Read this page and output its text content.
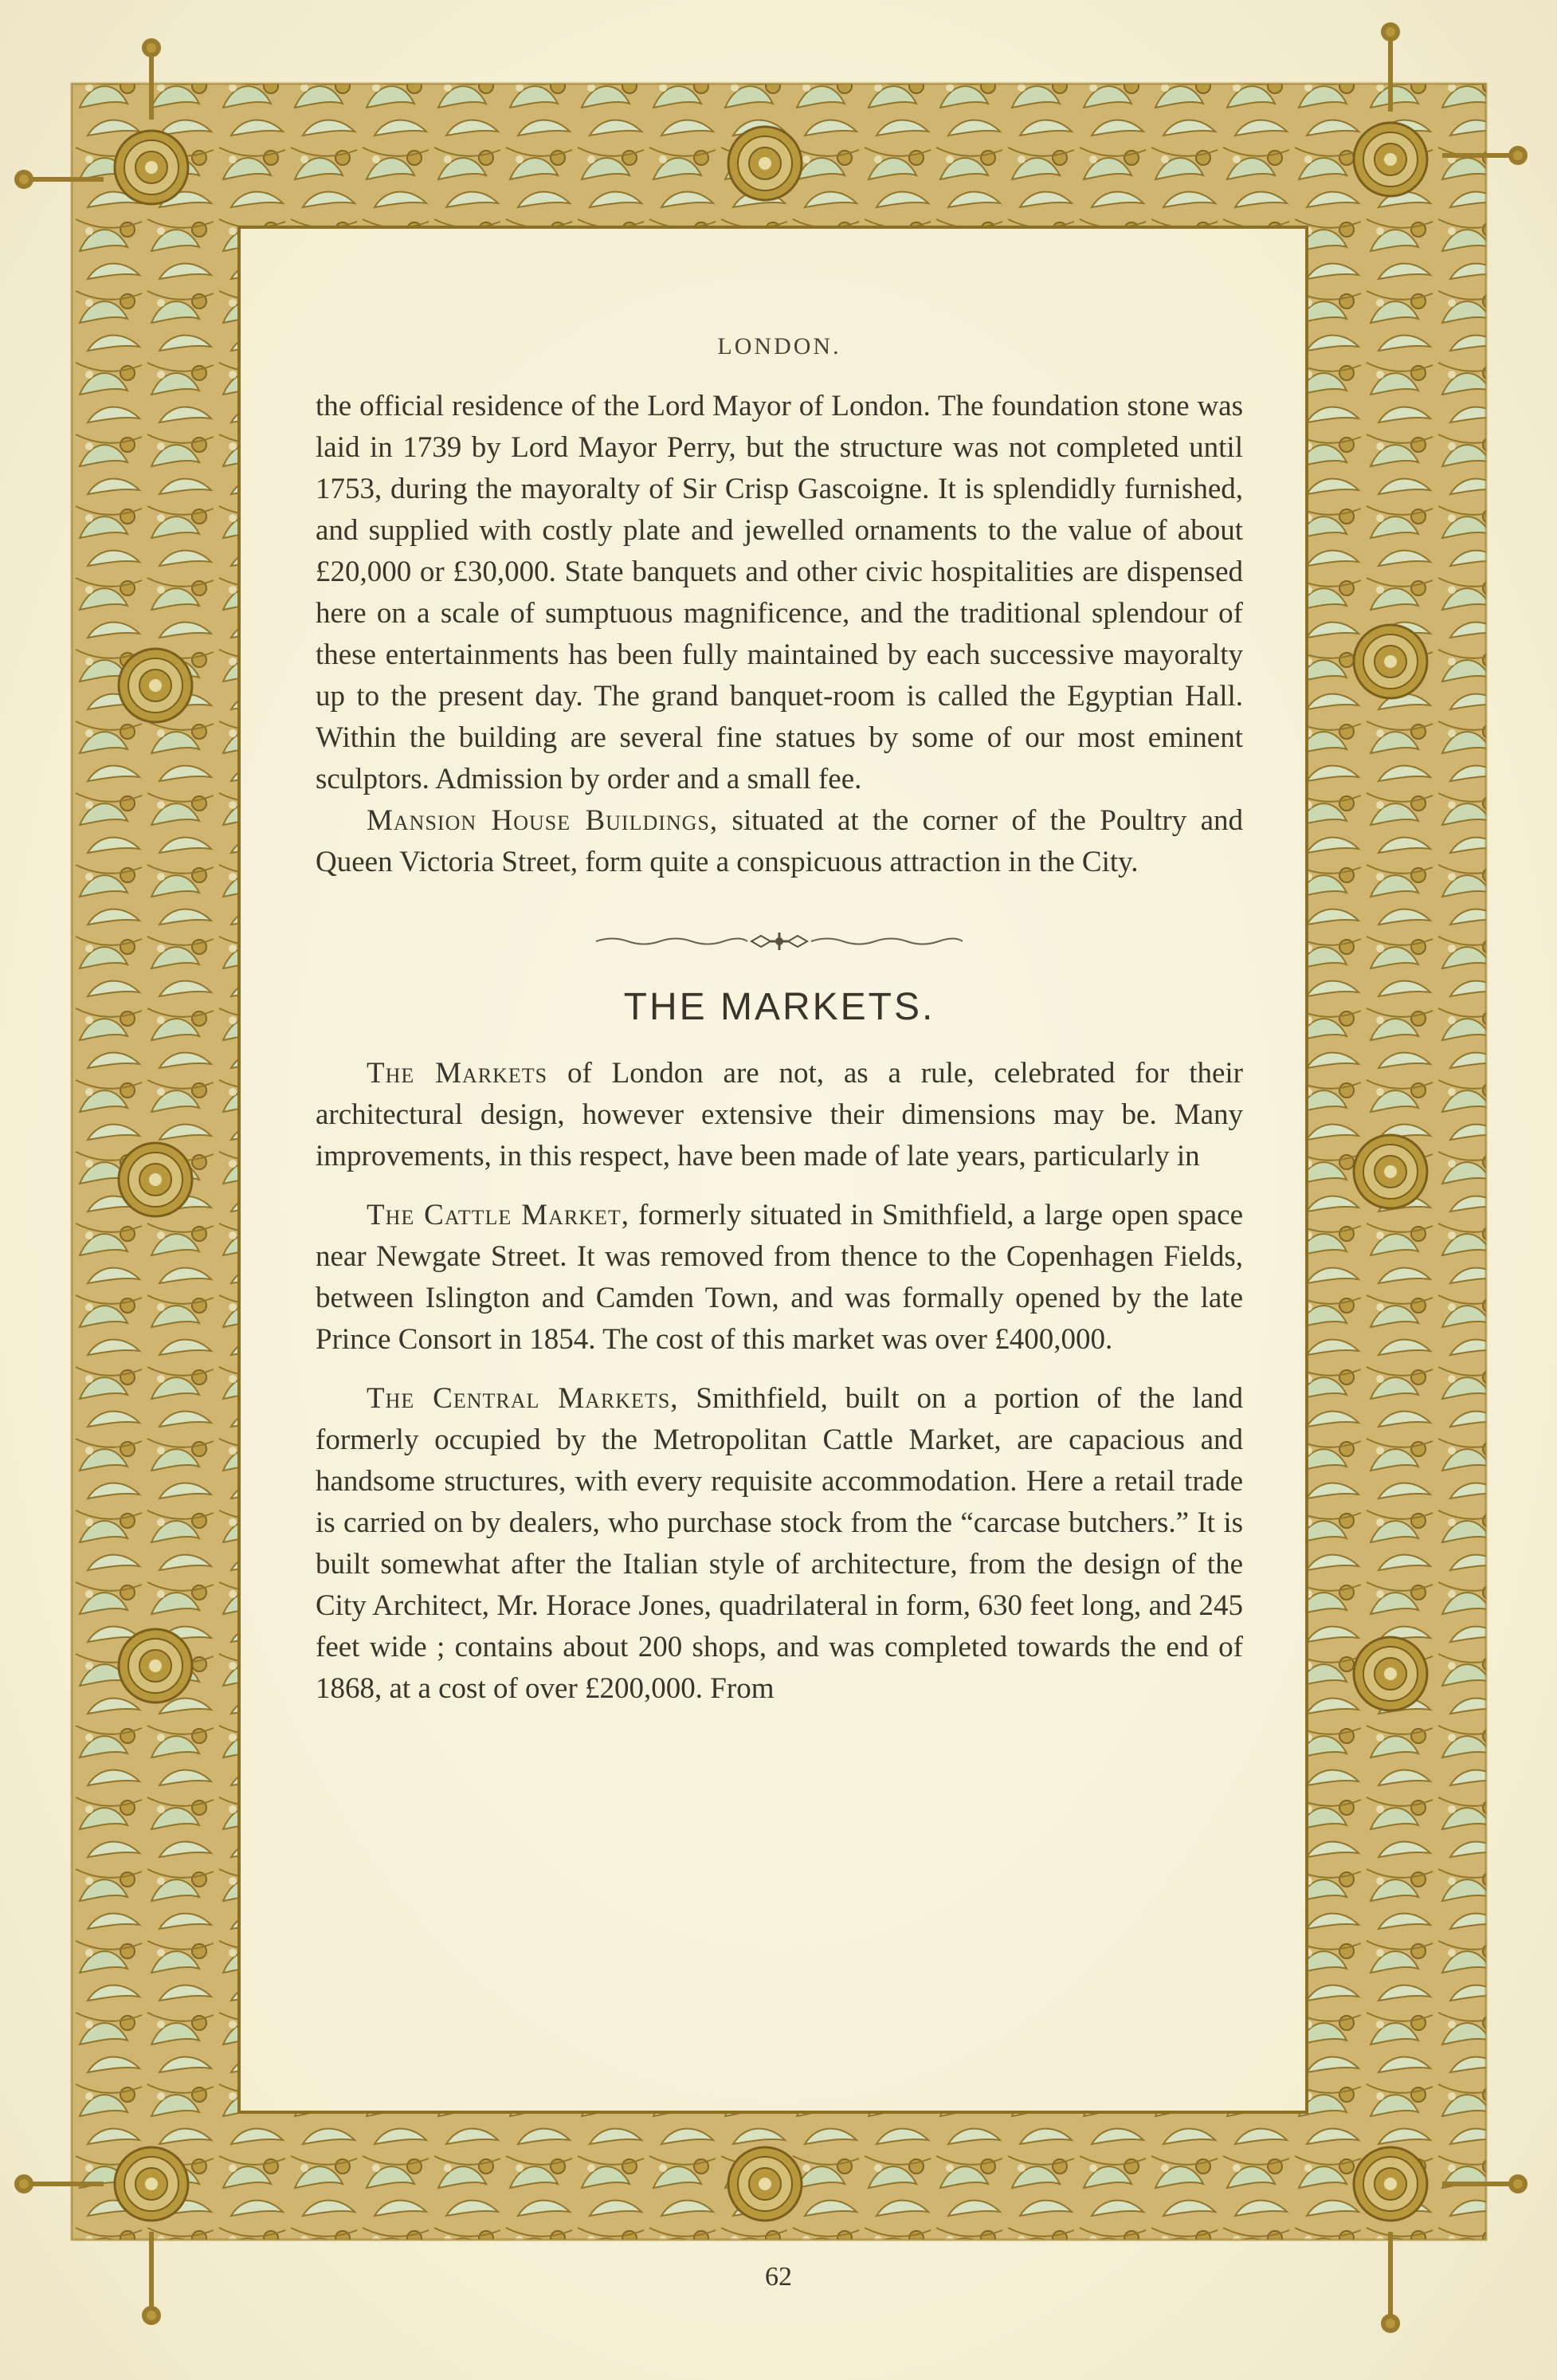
LONDON.

the official residence of the Lord Mayor of London. The foundation stone was laid in 1739 by Lord Mayor Perry, but the structure was not completed until 1753, during the mayoralty of Sir Crisp Gascoigne. It is splendidly furnished, and supplied with costly plate and jewelled ornaments to the value of about £20,000 or £30,000. State banquets and other civic hospitalities are dispensed here on a scale of sumptuous magnificence, and the traditional splendour of these entertainments has been fully maintained by each successive mayoralty up to the present day. The grand banquet-room is called the Egyptian Hall. Within the building are several fine statues by some of our most eminent sculptors. Admission by order and a small fee.

Mansion House Buildings, situated at the corner of the Poultry and Queen Victoria Street, form quite a conspicuous attraction in the City.

THE MARKETS.

The Markets of London are not, as a rule, celebrated for their architectural design, however extensive their dimensions may be. Many improvements, in this respect, have been made of late years, particularly in

The Cattle Market, formerly situated in Smithfield, a large open space near Newgate Street. It was removed from thence to the Copenhagen Fields, between Islington and Camden Town, and was formally opened by the late Prince Consort in 1854. The cost of this market was over £400,000.

The Central Markets, Smithfield, built on a portion of the land formerly occupied by the Metropolitan Cattle Market, are capacious and handsome structures, with every requisite accommodation. Here a retail trade is carried on by dealers, who purchase stock from the “carcase butchers.” It is built somewhat after the Italian style of architecture, from the design of the City Architect, Mr. Horace Jones, quadrilateral in form, 630 feet long, and 245 feet wide ; contains about 200 shops, and was completed towards the end of 1868, at a cost of over £200,000. From

62
